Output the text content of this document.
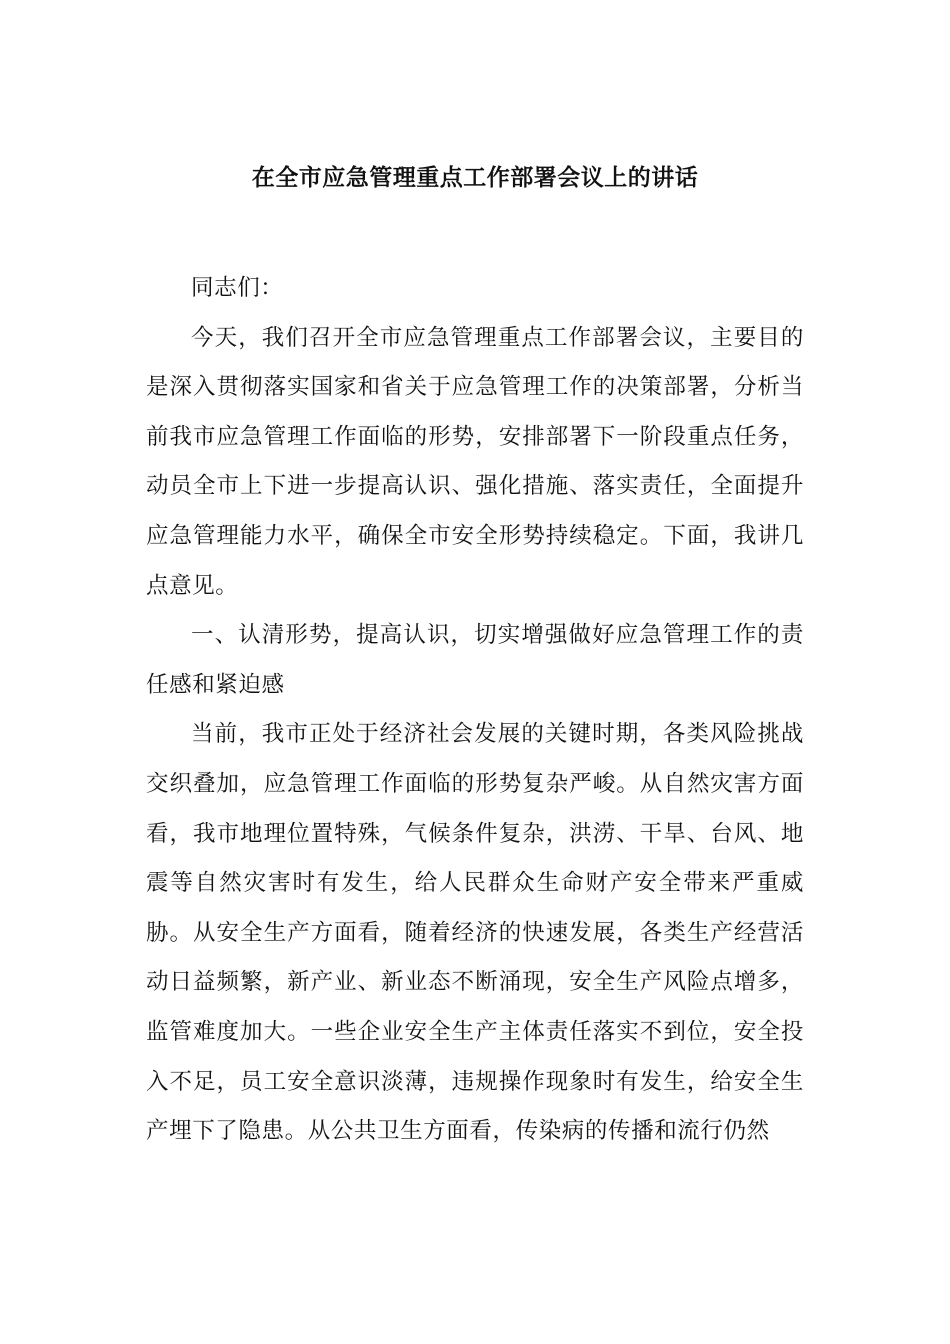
在全市应急管理重点工作部署会议上的讲话

同志们：

今天，我们召开全市应急管理重点工作部署会议，主要目的是深入贯彻落实国家和省关于应急管理工作的决策部署，分析当前我市应急管理工作面临的形势，安排部署下一阶段重点任务，动员全市上下进一步提高认识、强化措施、落实责任，全面提升应急管理能力水平，确保全市安全形势持续稳定。下面，我讲几点意见。

一、认清形势，提高认识，切实增强做好应急管理工作的责任感和紧迫感

当前，我市正处于经济社会发展的关键时期，各类风险挑战交织叠加，应急管理工作面临的形势复杂严峻。从自然灾害方面看，我市地理位置特殊，气候条件复杂，洪涝、干旱、台风、地震等自然灾害时有发生，给人民群众生命财产安全带来严重威胁。从安全生产方面看，随着经济的快速发展，各类生产经营活动日益频繁，新产业、新业态不断涌现，安全生产风险点增多，监管难度加大。一些企业安全生产主体责任落实不到位，安全投入不足，员工安全意识淡薄，违规操作现象时有发生，给安全生产埋下了隐患。从公共卫生方面看，传染病的传播和流行仍然
